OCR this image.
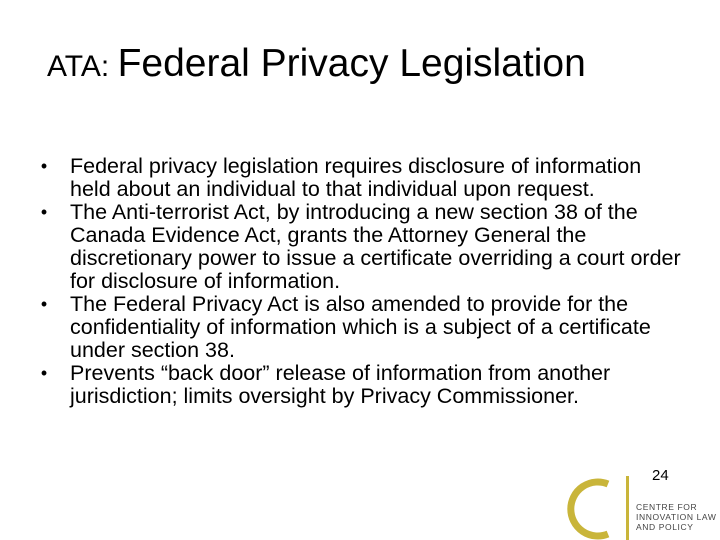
ATA: Federal Privacy Legislation
•	Federal privacy legislation requires disclosure of information held about an individual to that individual upon request.
•	The Anti-terrorist Act, by introducing a new section 38 of the Canada Evidence Act, grants the Attorney General the discretionary power to issue a certificate overriding a court order for disclosure of information.
•	The Federal Privacy Act is also amended to provide for the confidentiality of information which is a subject of a certificate under section 38.
•	Prevents “back door” release of information from another jurisdiction; limits oversight by Privacy Commissioner.
CENTRE FOR
INNOVATION LAW
AND POLICY
24
